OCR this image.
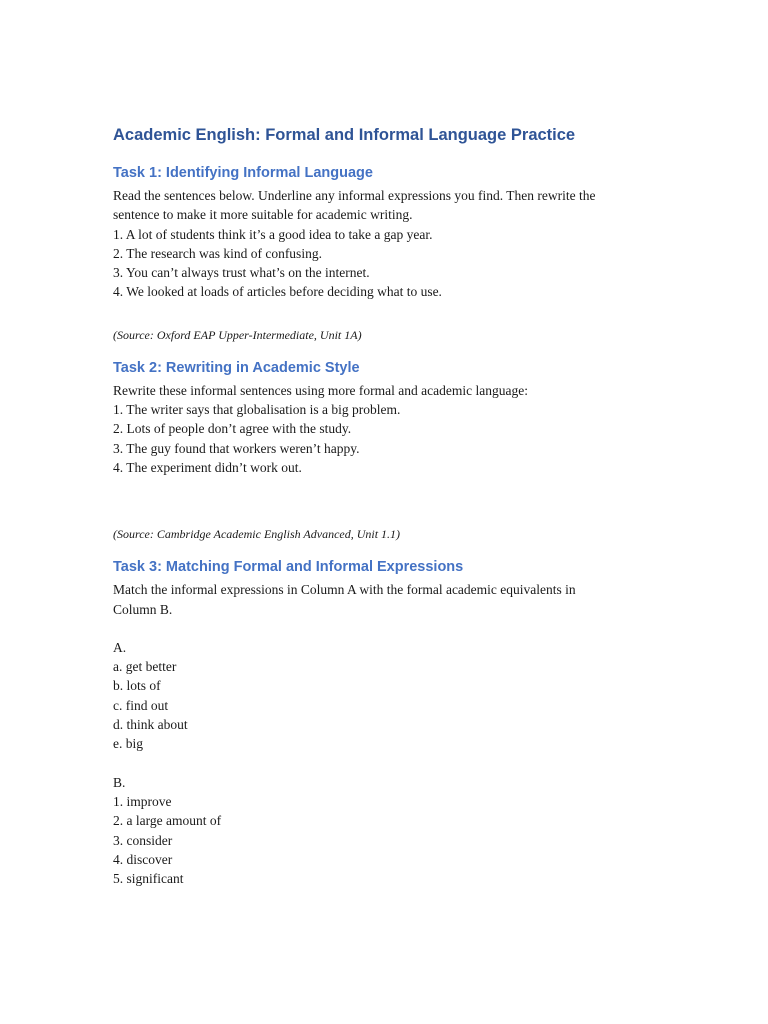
Academic English: Formal and Informal Language Practice
Task 1: Identifying Informal Language

Read the sentences below. Underline any informal expressions you find. Then rewrite the

sentence to make it more suitable for academic writing.

1. A lot of students think it’s a good idea to take a gap year.
2. The research was kind of confusing.
3. You can’t always trust what’s on the internet.
4. We looked at loads of articles before deciding what to use.

(Source: Oxford EAP Upper-Intermediate, Unit 1A)

Task 2: Rewriting in Academic Style

Rewrite these informal sentences using more formal and academic language:

1. The writer says that globalisation is a big problem.
2. Lots of people don’t agree with the study.
3. The guy found that workers weren’t happy.
4. The experiment didn’t work out.

(Source: Cambridge Academic English Advanced, Unit 1.1)

Task 3: Matching Formal and Informal Expressions

Match the informal expressions in Column A with the formal academic equivalents in

Column B.

A.

a. get better
b. lots of
c. find out
d. think about
e. big

B.

1. improve
2. a large amount of
3. consider
4. discover
5. significant
